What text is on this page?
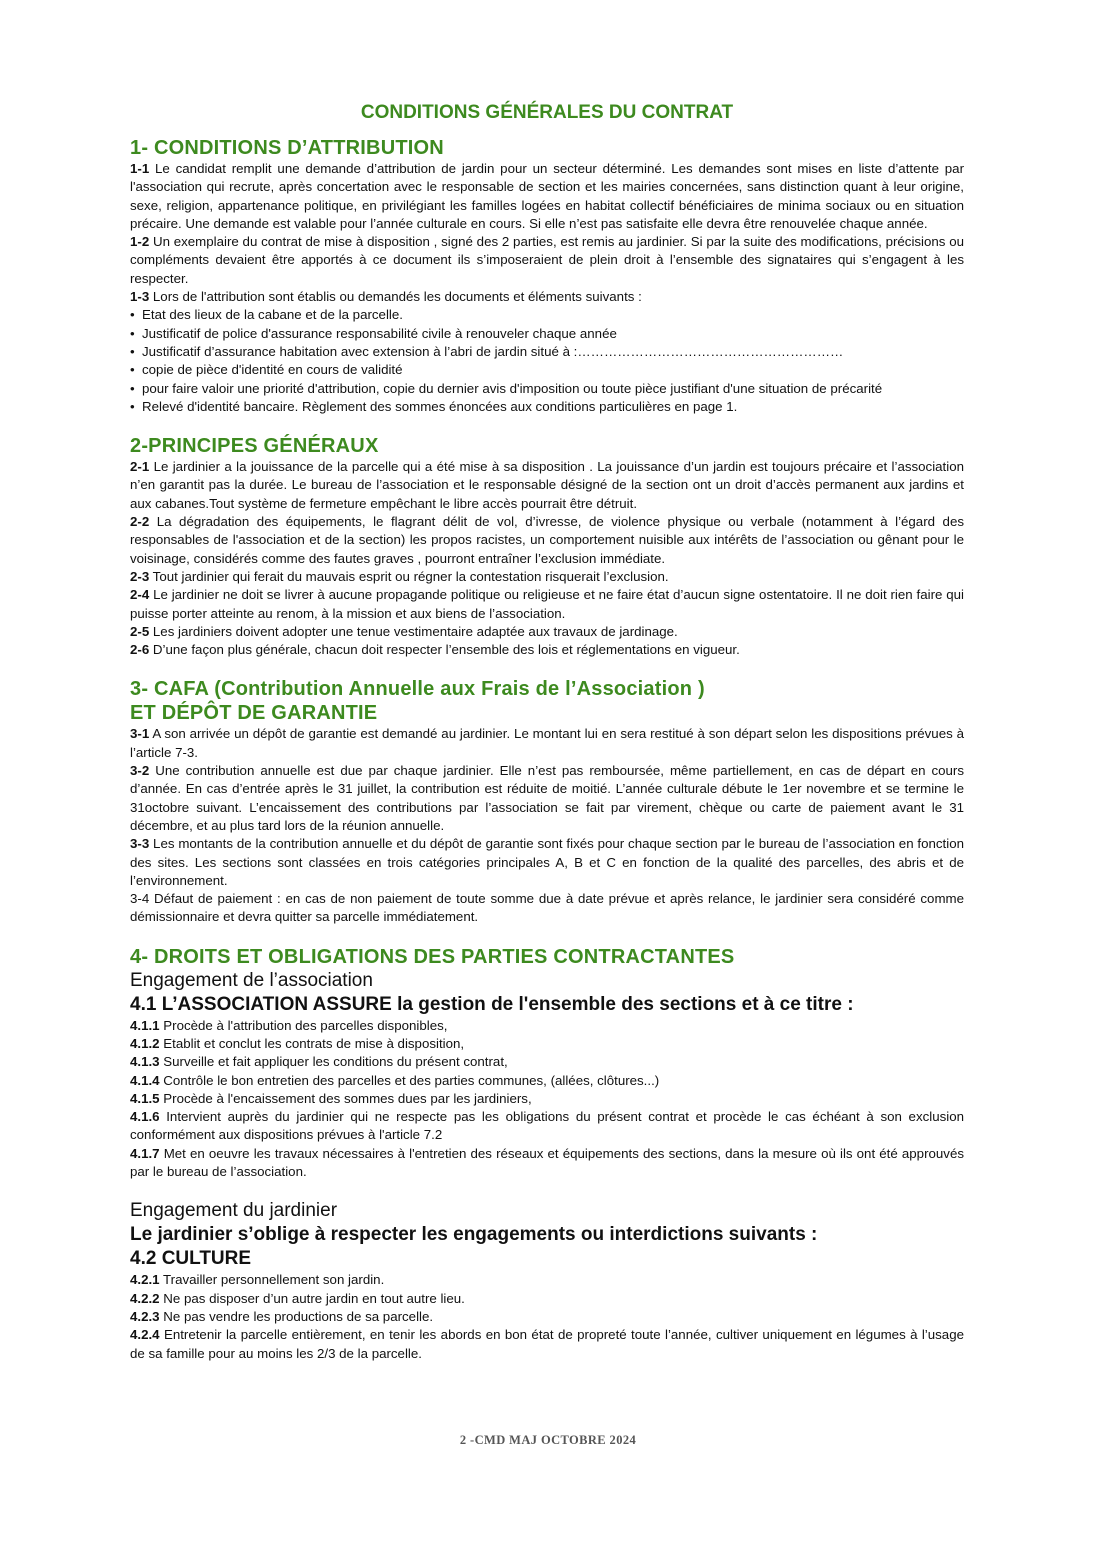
CONDITIONS GÉNÉRALES DU CONTRAT
1- CONDITIONS D’ATTRIBUTION

1-1 Le candidat remplit une demande d’attribution de jardin pour un secteur déterminé. Les demandes sont mises en liste d’attente par l'association qui recrute, après concertation avec le responsable de section et les mairies concernées, sans distinction quant à leur origine, sexe, religion, appartenance politique, en privilégiant les familles logées en habitat collectif bénéficiaires de minima sociaux ou en situation précaire. Une demande est valable pour l’année culturale en cours. Si elle n’est pas satisfaite elle devra être renouvelée chaque année.

1-2 Un exemplaire du contrat de mise à disposition , signé des 2 parties, est remis au jardinier. Si par la suite des modifications, précisions ou compléments devaient être apportés à ce document ils s’imposeraient de plein droit à l’ensemble des signataires qui s’engagent à les respecter.

1-3 Lors de l'attribution sont établis ou demandés les documents et éléments suivants :

• Etat des lieux de la cabane et de la parcelle.
• Justificatif de police d'assurance responsabilité civile à renouveler chaque année
• Justificatif d’assurance habitation avec extension à l’abri de jardin situé à :……………………………………………………
• copie de pièce d'identité en cours de validité
• pour faire valoir une priorité d'attribution, copie du dernier avis d'imposition ou toute pièce justifiant d'une situation de précarité
• Relevé d'identité bancaire. Règlement des sommes énoncées aux conditions particulières en page 1.
2-PRINCIPES GÉNÉRAUX

2-1 Le jardinier a la jouissance de la parcelle qui a été mise à sa disposition . La jouissance d’un jardin est toujours précaire et l’association n’en garantit pas la durée. Le bureau de l’association et le responsable désigné de la section ont un droit d’accès permanent aux jardins et aux cabanes.Tout système de fermeture empêchant le libre accès pourrait être détruit.

2-2 La dégradation des équipements, le flagrant délit de vol, d’ivresse, de violence physique ou verbale (notamment à l’égard des responsables de l'association et de la section) les propos racistes, un comportement nuisible aux intérêts de l’association ou gênant pour le voisinage, considérés comme des fautes graves , pourront entraîner l’exclusion immédiate.

2-3 Tout jardinier qui ferait du mauvais esprit ou régner la contestation risquerait l’exclusion.

2-4 Le jardinier ne doit se livrer à aucune propagande politique ou religieuse et ne faire état d’aucun signe ostentatoire. Il ne doit rien faire qui puisse porter atteinte au renom, à la mission et aux biens de l’association.

2-5 Les jardiniers doivent adopter une tenue vestimentaire adaptée aux travaux de jardinage.

2-6 D’une façon plus générale, chacun doit respecter l’ensemble des lois et réglementations en vigueur.

3- CAFA (Contribution Annuelle aux Frais de l’Association )
ET DÉPÔT DE GARANTIE

3-1 A son arrivée un dépôt de garantie est demandé au jardinier. Le montant lui en sera restitué à son départ selon les dispositions prévues à l’article 7-3.

3-2 Une contribution annuelle est due par chaque jardinier. Elle n’est pas remboursée, même partiellement, en cas de départ en cours d’année. En cas d’entrée après le 31 juillet, la contribution est réduite de moitié. L’année culturale débute le 1er novembre et se termine le 31octobre suivant. L’encaissement des contributions par l’association se fait par virement, chèque ou carte de paiement avant le 31 décembre, et au plus tard lors de la réunion annuelle.

3-3 Les montants de la contribution annuelle et du dépôt de garantie sont fixés pour chaque section par le bureau de l’association en fonction des sites. Les sections sont classées en trois catégories principales A, B et C en fonction de la qualité des parcelles, des abris et de l’environnement.

3-4 Défaut de paiement : en cas de non paiement de toute somme due à date prévue et après relance, le jardinier sera considéré comme démissionnaire et devra quitter sa parcelle immédiatement.

4- DROITS ET OBLIGATIONS DES PARTIES CONTRACTANTES
Engagement de l’association
4.1 L’ASSOCIATION ASSURE la gestion de l'ensemble des sections et à ce titre :

4.1.1 Procède à l'attribution des parcelles disponibles,

4.1.2 Etablit et conclut les contrats de mise à disposition,

4.1.3 Surveille et fait appliquer les conditions du présent contrat,

4.1.4 Contrôle le bon entretien des parcelles et des parties communes, (allées, clôtures...)

4.1.5 Procède à l'encaissement des sommes dues par les jardiniers,

4.1.6 Intervient auprès du jardinier qui ne respecte pas les obligations du présent contrat et procède le cas échéant à son exclusion conformément aux dispositions prévues à l'article 7.2

4.1.7 Met en oeuvre les travaux nécessaires à l'entretien des réseaux et équipements des sections, dans la mesure où ils ont été approuvés par le bureau de l’association.

Engagement du jardinier
Le jardinier s’oblige à respecter les engagements ou interdictions suivants :
4.2 CULTURE

4.2.1 Travailler personnellement son jardin.

4.2.2 Ne pas disposer d’un autre jardin en tout autre lieu.

4.2.3 Ne pas vendre les productions de sa parcelle.

4.2.4 Entretenir la parcelle entièrement, en tenir les abords en bon état de propreté toute l’année, cultiver uniquement en légumes à l’usage de sa famille pour au moins les 2/3 de la parcelle.

2 -CMD MAJ OCTOBRE 2024
